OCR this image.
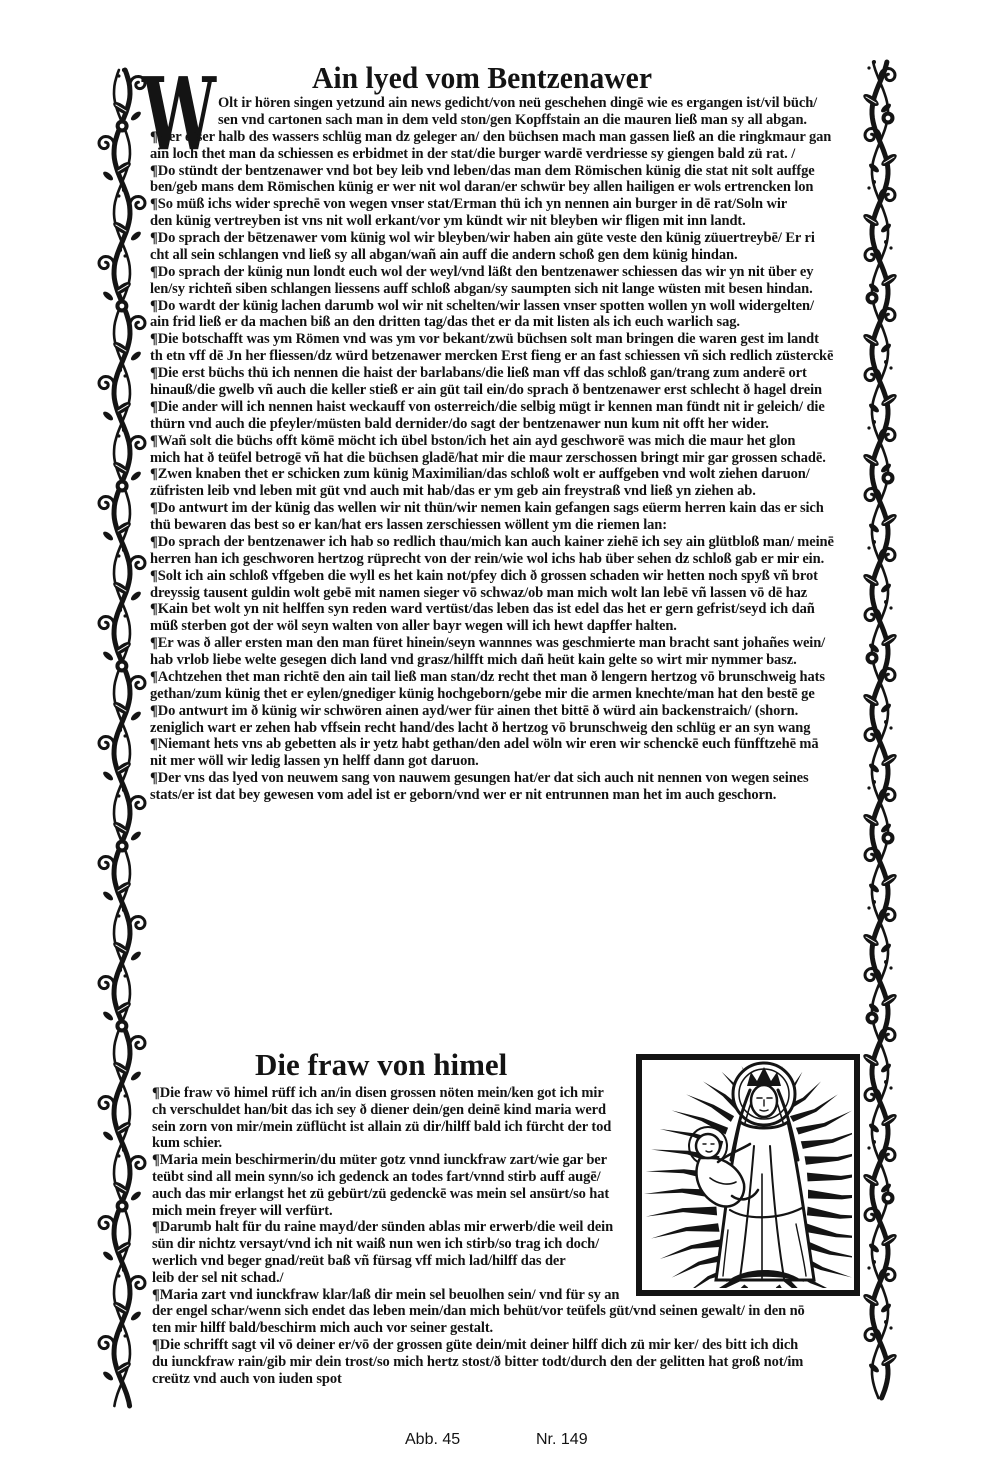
Ain lyed vom Bentzenawer
W Olt ir hören singen yetzund ain news gedicht/von neü geschehen dingē wie es ergangen ist/vil büch/
sen vnd cartonen sach man in dem veld ston/gen Kopffstain an die mauren ließ man sy all abgan.
¶Her diser halb des wassers schlüg man dz geleger an/ den büchsen mach man gassen ließ an die ringkmaur gan
ain loch thet man da schiessen es erbidmet in der stat/die burger wardē verdriesse sy giengen bald zü rat. /
¶Do stündt der bentzenawer vnd bot bey leib vnd leben/das man dem Römischen künig die stat nit solt auffge
ben/geb mans dem Römischen künig er wer nit wol daran/er schwür bey allen hailigen er wols ertrencken lon
¶So müß ichs wider sprechē von wegen vnser stat/Erman thü ich yn nennen ain burger in dē rat/Soln wir
den künig vertreyben ist vns nit woll erkant/vor ym kündt wir nit bleyben wir fligen mit inn landt.
¶Do sprach der bētzenawer vom künig wol wir bleyben/wir haben ain güte veste den künig züuertreybē/ Er ri
cht all sein schlangen vnd ließ sy all abgan/wañ ain auff die andern schoß gen dem künig hindan.
¶Do sprach der künig nun londt euch wol der weyl/vnd läßt den bentzenawer schiessen das wir yn nit über ey
len/sy richteñ siben schlangen liessens auff schloß abgan/sy saumpten sich nit lange wüsten mit besen hindan.
¶Do wardt der künig lachen darumb wol wir nit schelten/wir lassen vnser spotten wollen yn woll widergelten/
ain frid ließ er da machen biß an den dritten tag/das thet er da mit listen als ich euch warlich sag.
¶Die botschafft was ym Römen vnd was ym vor bekant/zwü büchsen solt man bringen die waren gest im landt
th etn vff dē Jn her fliessen/dz würd betzenawer mercken Erst fieng er an fast schiessen vñ sich redlich züsterckē
¶Die erst büchs thü ich nennen die haist der barlabans/die ließ man vff das schloß gan/trang zum anderē ort
hinauß/die gwelb vñ auch die keller stieß er ain güt tail ein/do sprach ð bentzenawer erst schlecht ð hagel drein
¶Die ander will ich nennen haist weckauff von osterreich/die selbig mügt ir kennen man fündt nit ir geleich/ die
thürn vnd auch die pfeyler/müsten bald dernider/do sagt der bentzenawer nun kum nit offt her wider.
¶Wañ solt die büchs offt kömē möcht ich übel bston/ich het ain ayd geschworē was mich die maur het glon
mich hat ð teüfel betrogē vñ hat die büchsen gladē/hat mir die maur zerschossen bringt mir gar grossen schadē.
¶Zwen knaben thet er schicken zum künig Maximilian/das schloß wolt er auffgeben vnd wolt ziehen daruon/
züfristen leib vnd leben mit güt vnd auch mit hab/das er ym geb ain freystraß vnd ließ yn ziehen ab.
¶Do antwurt im der künig das wellen wir nit thün/wir nemen kain gefangen sags eüerm herren kain das er sich
thü bewaren das best so er kan/hat ers lassen zerschiessen wöllent ym die riemen lan:
¶Do sprach der bentzenawer ich hab so redlich thau/mich kan auch kainer ziehē ich sey ain glütbloß man/ meinē
herren han ich geschworen hertzog rüprecht von der rein/wie wol ichs hab über sehen dz schloß gab er mir ein.
¶Solt ich ain schloß vffgeben die wyll es het kain not/pfey dich ð grossen schaden wir hetten noch spyß vñ brot
dreyssig tausent guldin wolt gebē mit namen sieger vō schwaz/ob man mich wolt lan lebē vñ lassen vō dē haz
¶Kain bet wolt yn nit helffen syn reden ward vertüst/das leben das ist edel das het er gern gefrist/seyd ich dañ
müß sterben got der wöl seyn walten von aller bayr wegen will ich hewt dapffer halten.
¶Er was ð aller ersten man den man füret hinein/seyn wannnes was geschmierte man bracht sant johañes wein/
hab vrlob liebe welte gesegen dich land vnd grasz/hilfft mich dañ heüt kain gelte so wirt mir nymmer basz.
¶Achtzehen thet man richtē den ain tail ließ man stan/dz recht thet man ð lengern hertzog vō brunschweig hats
gethan/zum künig thet er eylen/gnediger künig hochgeborn/gebe mir die armen knechte/man hat den bestē ge
¶Do antwurt im ð künig wir schwören ainen ayd/wer für ainen thet bittē ð würd ain backenstraich/ (shorn.
zeniglich wart er zehen hab vffsein recht hand/des lacht ð hertzog vō brunschweig den schlüg er an syn wang
¶Niemant hets vns ab gebetten als ir yetz habt gethan/den adel wöln wir eren wir schenckē euch fünfftzehē mā
nit mer wöll wir ledig lassen yn helff dann got daruon.
¶Der vns das lyed von neuwem sang von nauwem gesungen hat/er dat sich auch nit nennen von wegen seines
stats/er ist dat bey gewesen vom adel ist er geborn/vnd wer er nit entrunnen man het im auch geschorn.
Die fraw von himel
¶Die fraw vō himel rüff ich an/in disen grossen nöten mein/ken got ich mir
ch verschuldet han/bit das ich sey ð diener dein/gen deinē kind maria werd
sein zorn von mir/mein züflücht ist allain zü dir/hilff bald ich fürcht der tod
kum schier.
¶Maria mein beschirmerin/du müter gotz vnnd iunckfraw zart/wie gar ber
teübt sind all mein synn/so ich gedenck an todes fart/vnnd stirb auff augē/
auch das mir erlangst het zü gebürt/zü gedenckē was mein sel ansürt/so hat
mich mein freyer will verfürt.
¶Darumb halt für du raine mayd/der sünden ablas mir erwerb/die weil dein
sün dir nichtz versayt/vnd ich nit waiß nun wen ich stirb/so trag ich doch/
werlich vnd beger gnad/reüt baß vñ fürsag vff mich lad/hilff das der
leib der sel nit schad./
¶Maria zart vnd iunckfraw klar/laß dir mein sel beuolhen sein/ vnd für sy an
der engel schar/wenn sich endet das leben mein/dan mich behüt/vor teüfels güt/vnd seinen gewalt/ in den nō
ten mir hilff bald/beschirm mich auch vor seiner gestalt.
¶Die schrifft sagt vil vō deiner er/vō der grossen güte dein/mit deiner hilff dich zü mir ker/ des bitt ich dich
du iunckfraw rain/gib mir dein trost/so mich hertz stost/ð bitter todt/durch den der gelitten hat groß not/im
creütz vnd auch von iuden spot
Abb. 45	Nr. 149
